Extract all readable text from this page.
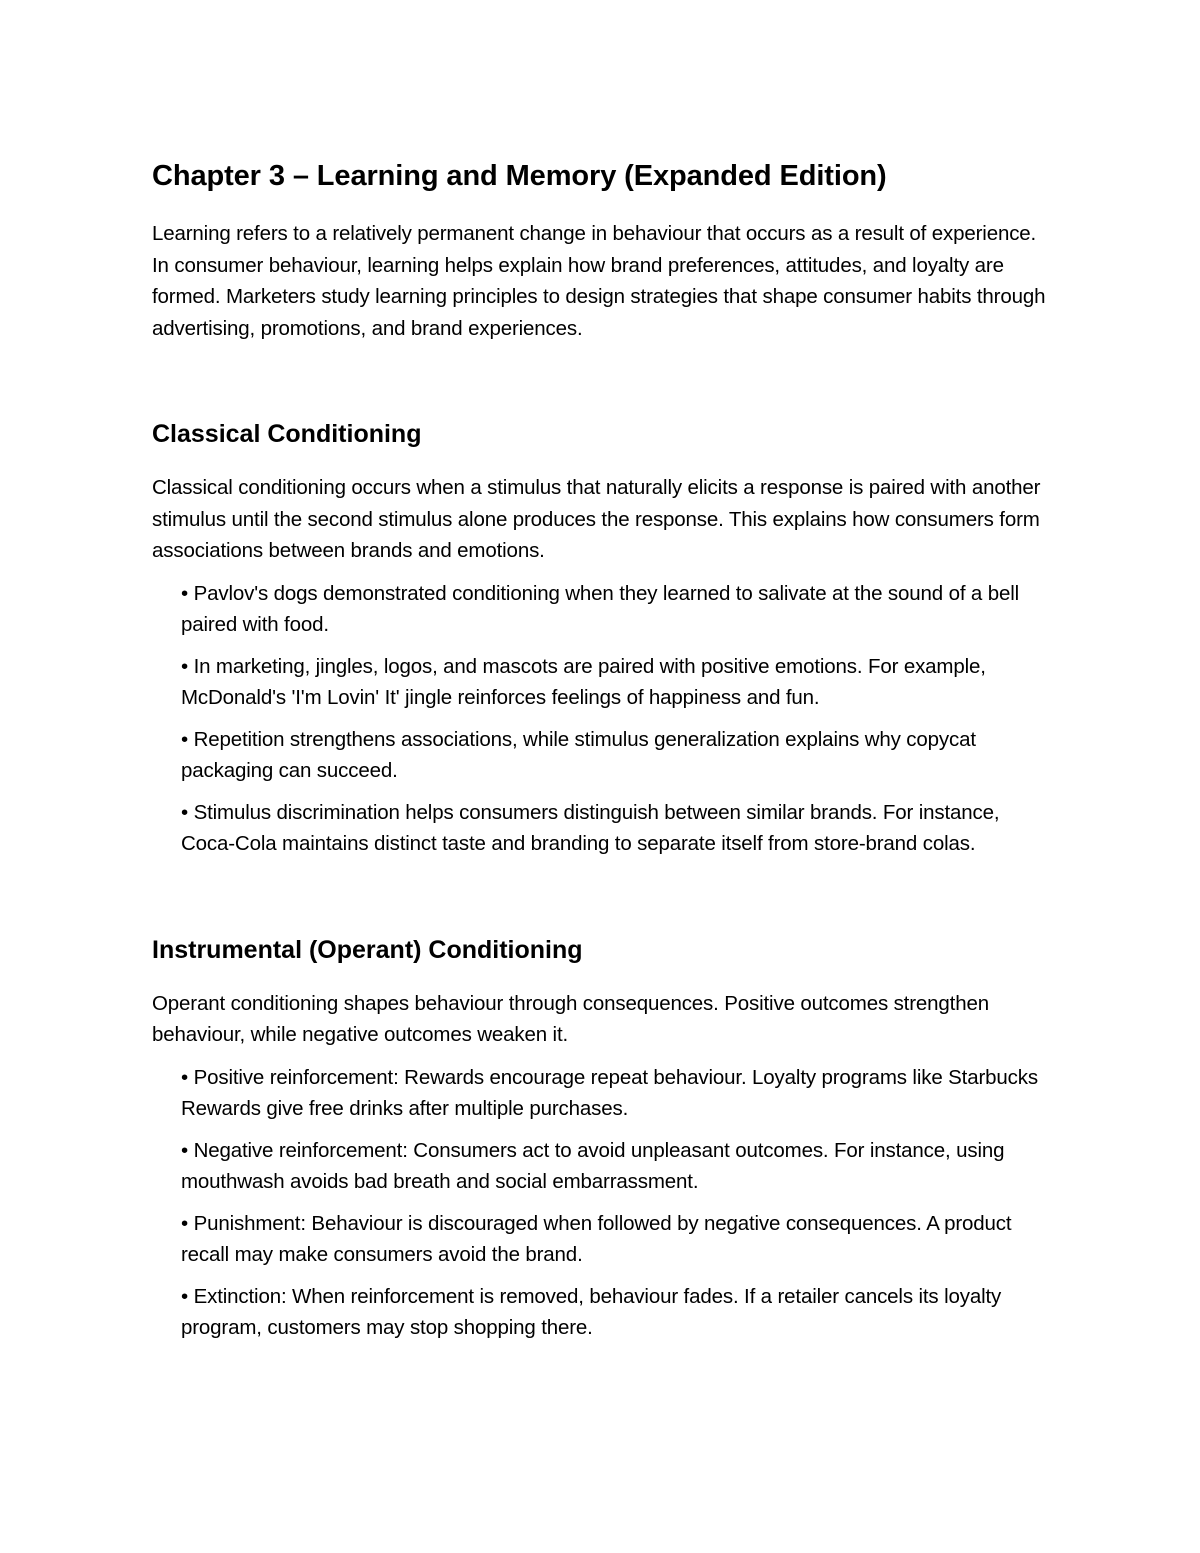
Chapter 3 – Learning and Memory (Expanded Edition)

Learning refers to a relatively permanent change in behaviour that occurs as a result of experience. In consumer behaviour, learning helps explain how brand preferences, attitudes, and loyalty are formed. Marketers study learning principles to design strategies that shape consumer habits through advertising, promotions, and brand experiences.

Classical Conditioning

Classical conditioning occurs when a stimulus that naturally elicits a response is paired with another stimulus until the second stimulus alone produces the response. This explains how consumers form associations between brands and emotions.

• Pavlov's dogs demonstrated conditioning when they learned to salivate at the sound of a bell paired with food.
• In marketing, jingles, logos, and mascots are paired with positive emotions. For example, McDonald's 'I'm Lovin' It' jingle reinforces feelings of happiness and fun.
• Repetition strengthens associations, while stimulus generalization explains why copycat packaging can succeed.
• Stimulus discrimination helps consumers distinguish between similar brands. For instance, Coca-Cola maintains distinct taste and branding to separate itself from store-brand colas.
Instrumental (Operant) Conditioning

Operant conditioning shapes behaviour through consequences. Positive outcomes strengthen behaviour, while negative outcomes weaken it.

• Positive reinforcement: Rewards encourage repeat behaviour. Loyalty programs like Starbucks Rewards give free drinks after multiple purchases.
• Negative reinforcement: Consumers act to avoid unpleasant outcomes. For instance, using mouthwash avoids bad breath and social embarrassment.
• Punishment: Behaviour is discouraged when followed by negative consequences. A product recall may make consumers avoid the brand.
• Extinction: When reinforcement is removed, behaviour fades. If a retailer cancels its loyalty program, customers may stop shopping there.
